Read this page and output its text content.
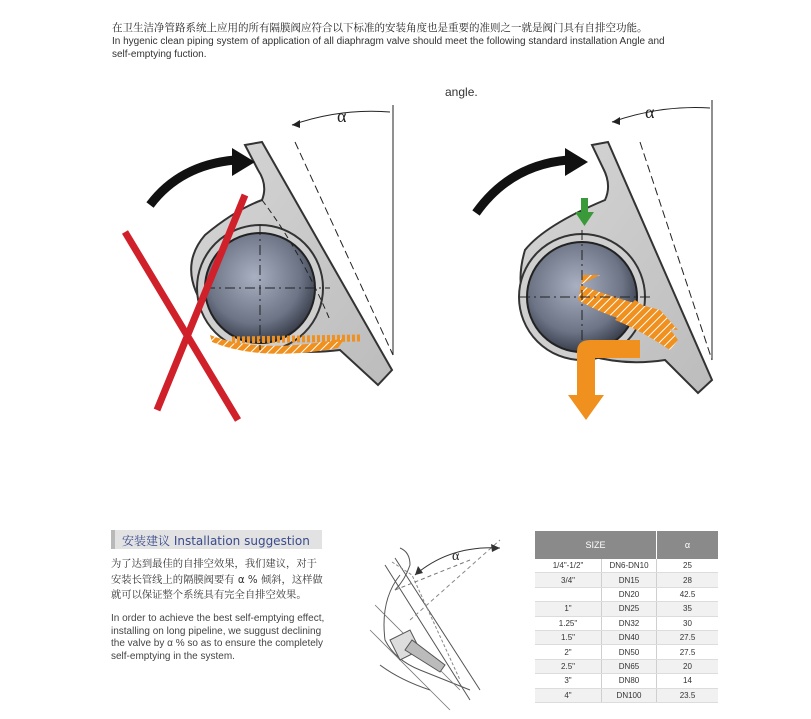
在卫生洁净管路系统上应用的所有隔膜阀应符合以下标准的安装角度也是重要的准则之一就是阀门具有自排空功能。
In hygenic clean piping system of application of all diaphragm valve should meet the following standard installation Angle and self-emptying fuction.
angle.
α	α
安装建议 Installation suggestion
为了达到最佳的自排空效果，我们建议，对于安装长管线上的隔膜阀要有 α % 倾斜，这样做就可以保证整个系统具有完全自排空效果。
In order to achieve the best self-emptying effect, installing on long pipeline, we suggust declining the valve by α % so as to ensure the completely self-emptying in the system.
α
SIZE		α
1/4"-1/2"	DN6-DN10	25
3/4"	DN15	28
	DN20	42.5
1"	DN25	35
1.25"	DN32	30
1.5"	DN40	27.5
2"	DN50	27.5
2.5"	DN65	20
3"	DN80	14
4"	DN100	23.5
